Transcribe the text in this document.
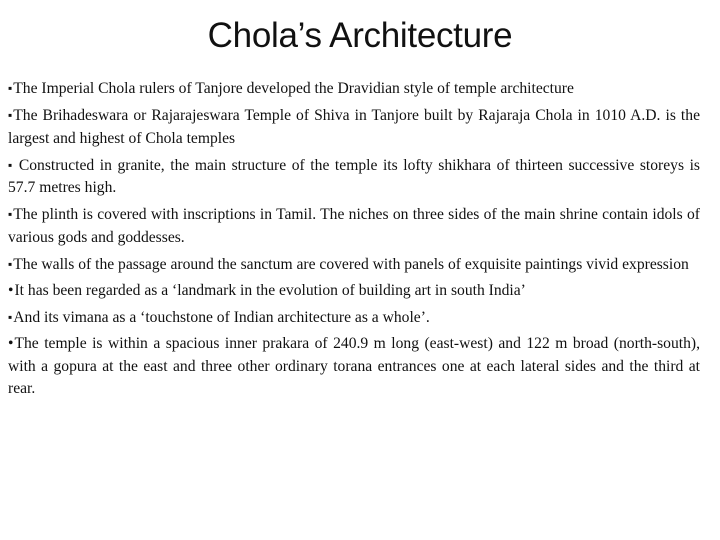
Chola’s Architecture

▪The Imperial Chola rulers of Tanjore developed the Dravidian style of temple architecture

▪The Brihadeswara or Rajarajeswara Temple of Shiva in Tanjore built by Rajaraja Chola in 1010 A.D. is the largest and highest of Chola temples

▪ Constructed in granite, the main structure of the temple its lofty shikhara of thirteen successive storeys is 57.7 metres high.

▪The plinth is covered with inscriptions in Tamil. The niches on three sides of the main shrine contain idols of various gods and goddesses.

▪The walls of the passage around the sanctum are covered with panels of exquisite paintings vivid expression

•It has been regarded as a ‘landmark in the evolution of building art in south India’

▪And its vimana as a ‘touchstone of Indian architecture as a whole’.

•The temple is within a spacious inner prakara of 240.9 m long (east-west) and 122 m broad (north-south), with a gopura at the east and three other ordinary torana entrances one at each lateral sides and the third at rear.
